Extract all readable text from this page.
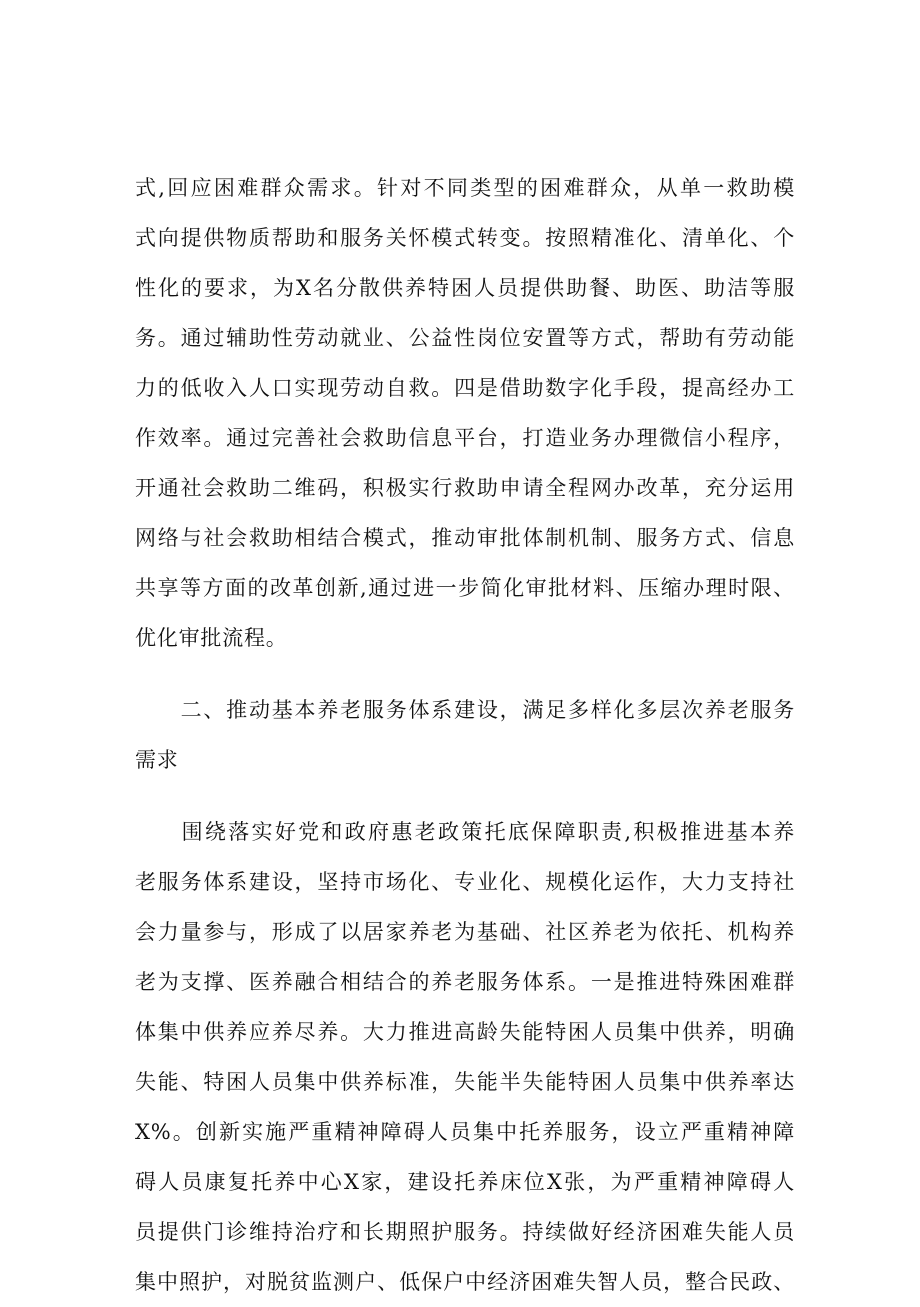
式,回应困难群众需求。针对不同类型的困难群众，从单一救助模
式向提供物质帮助和服务关怀模式转变。按照精准化、清单化、个
性化的要求，为X名分散供养特困人员提供助餐、助医、助洁等服
务。通过辅助性劳动就业、公益性岗位安置等方式，帮助有劳动能
力的低收入人口实现劳动自救。四是借助数字化手段，提高经办工
作效率。通过完善社会救助信息平台，打造业务办理微信小程序，
开通社会救助二维码，积极实行救助申请全程网办改革，充分运用
网络与社会救助相结合模式，推动审批体制机制、服务方式、信息
共享等方面的改革创新,通过进一步简化审批材料、压缩办理时限、
优化审批流程。
　　二、推动基本养老服务体系建设，满足多样化多层次养老服务
需求
　　围绕落实好党和政府惠老政策托底保障职责,积极推进基本养
老服务体系建设，坚持市场化、专业化、规模化运作，大力支持社
会力量参与，形成了以居家养老为基础、社区养老为依托、机构养
老为支撑、医养融合相结合的养老服务体系。一是推进特殊困难群
体集中供养应养尽养。大力推进高龄失能特困人员集中供养，明确
失能、特困人员集中供养标准，失能半失能特困人员集中供养率达
X%。创新实施严重精神障碍人员集中托养服务，设立严重精神障
碍人员康复托养中心X家，建设托养床位X张，为严重精神障碍人
员提供门诊维持治疗和长期照护服务。持续做好经济困难失能人员
集中照护，对脱贫监测户、低保户中经济困难失智人员，整合民政、
